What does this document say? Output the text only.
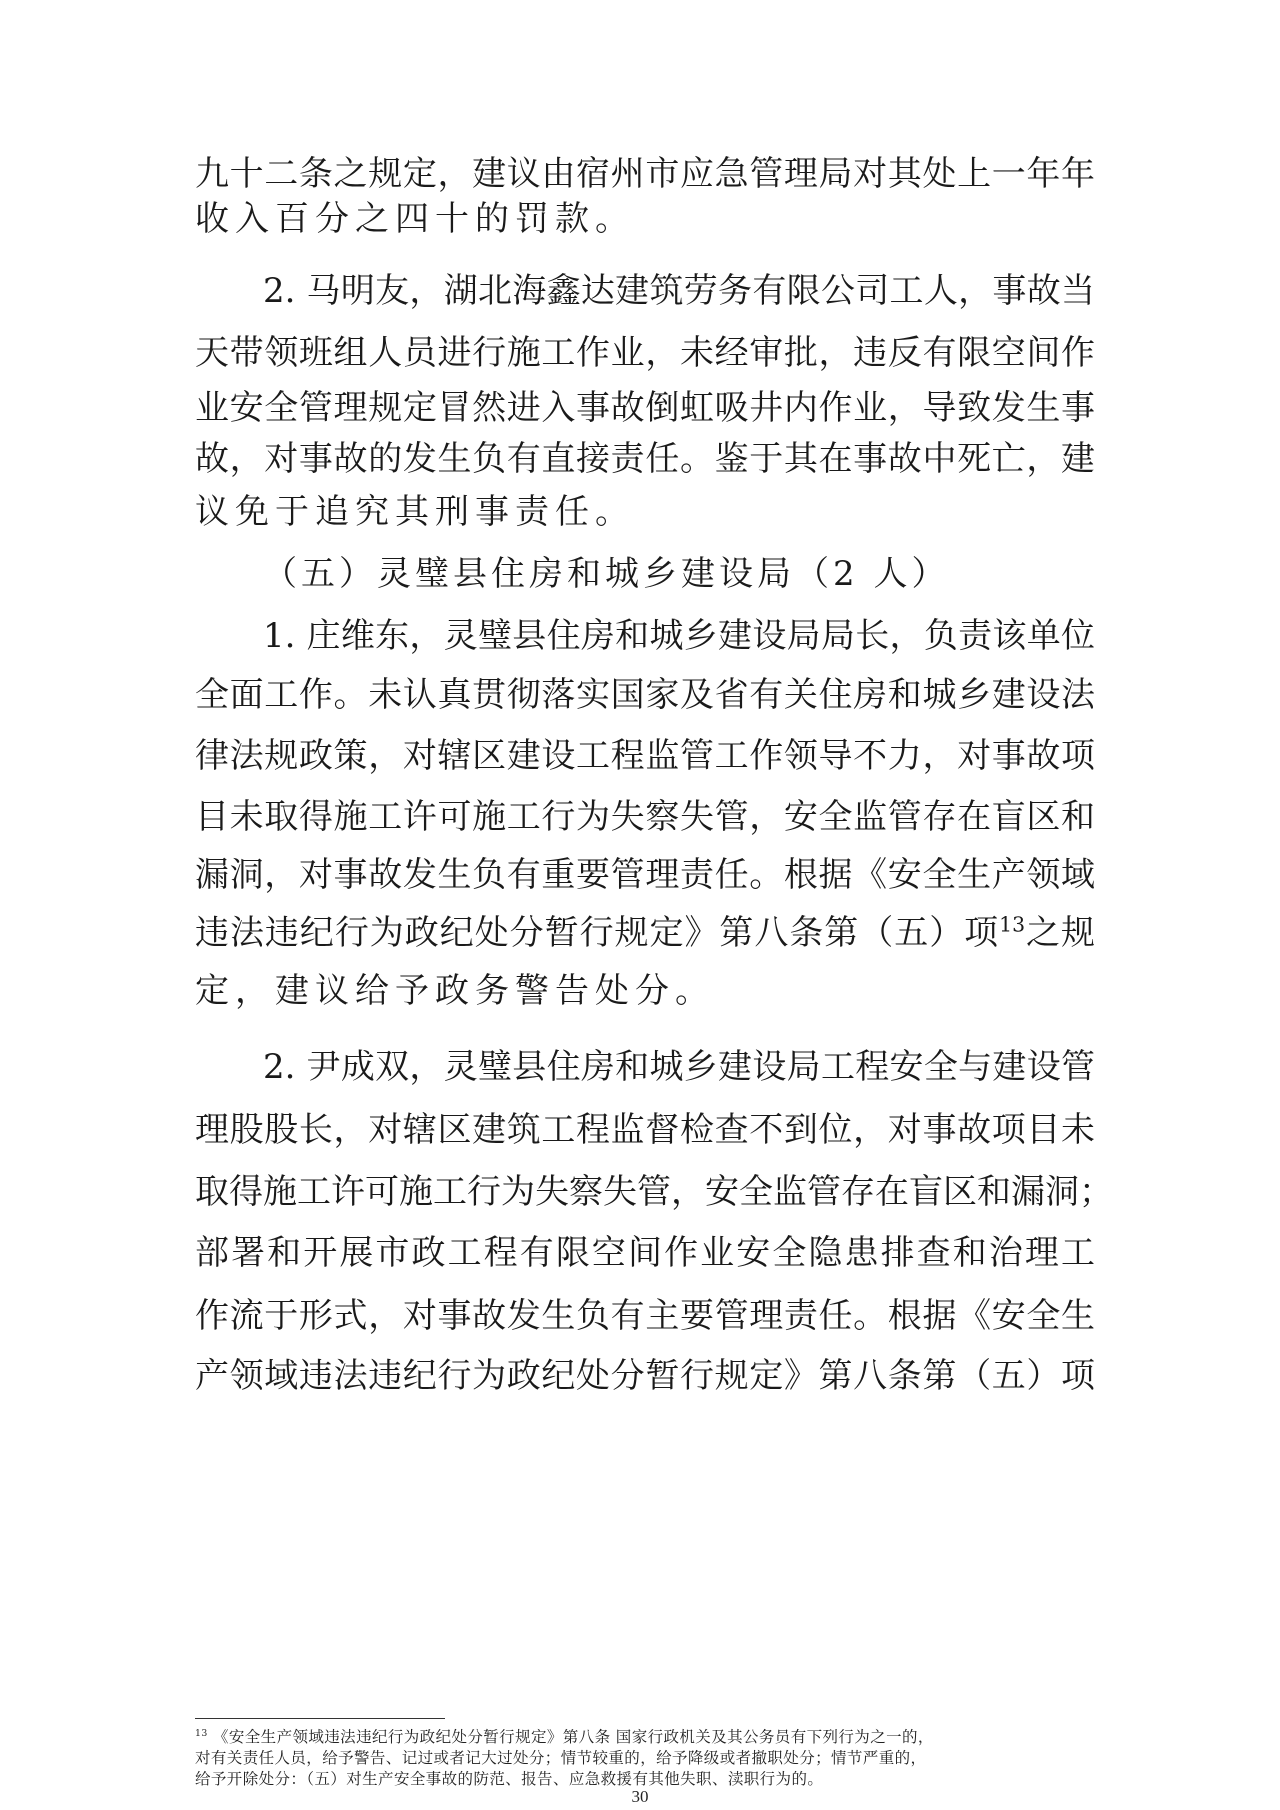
九十二条之规定，建议由宿州市应急管理局对其处上一年年
收入百分之四十的罚款。
2. 马明友，湖北海鑫达建筑劳务有限公司工人，事故当
天带领班组人员进行施工作业，未经审批，违反有限空间作
业安全管理规定冒然进入事故倒虹吸井内作业，导致发生事
故，对事故的发生负有直接责任。鉴于其在事故中死亡，建
议免于追究其刑事责任。
（五）灵璧县住房和城乡建设局（2 人）
1. 庄维东，灵璧县住房和城乡建设局局长，负责该单位
全面工作。未认真贯彻落实国家及省有关住房和城乡建设法
律法规政策，对辖区建设工程监管工作领导不力，对事故项
目未取得施工许可施工行为失察失管，安全监管存在盲区和
漏洞，对事故发生负有重要管理责任。根据《安全生产领域
违法违纪行为政纪处分暂行规定》第八条第（五）项$^{13}$之规
定，建议给予政务警告处分。
2. 尹成双，灵璧县住房和城乡建设局工程安全与建设管
理股股长，对辖区建筑工程监督检查不到位，对事故项目未
取得施工许可施工行为失察失管，安全监管存在盲区和漏洞；
部署和开展市政工程有限空间作业安全隐患排查和治理工
作流于形式，对事故发生负有主要管理责任。根据《安全生
产领域违法违纪行为政纪处分暂行规定》第八条第（五）项
$^{13}$ 《安全生产领域违法违纪行为政纪处分暂行规定》第八条 国家行政机关及其公务员有下列行为之一的，
对有关责任人员，给予警告、记过或者记大过处分；情节较重的，给予降级或者撤职处分；情节严重的，
给予开除处分：（五）对生产安全事故的防范、报告、应急救援有其他失职、渎职行为的。
30
